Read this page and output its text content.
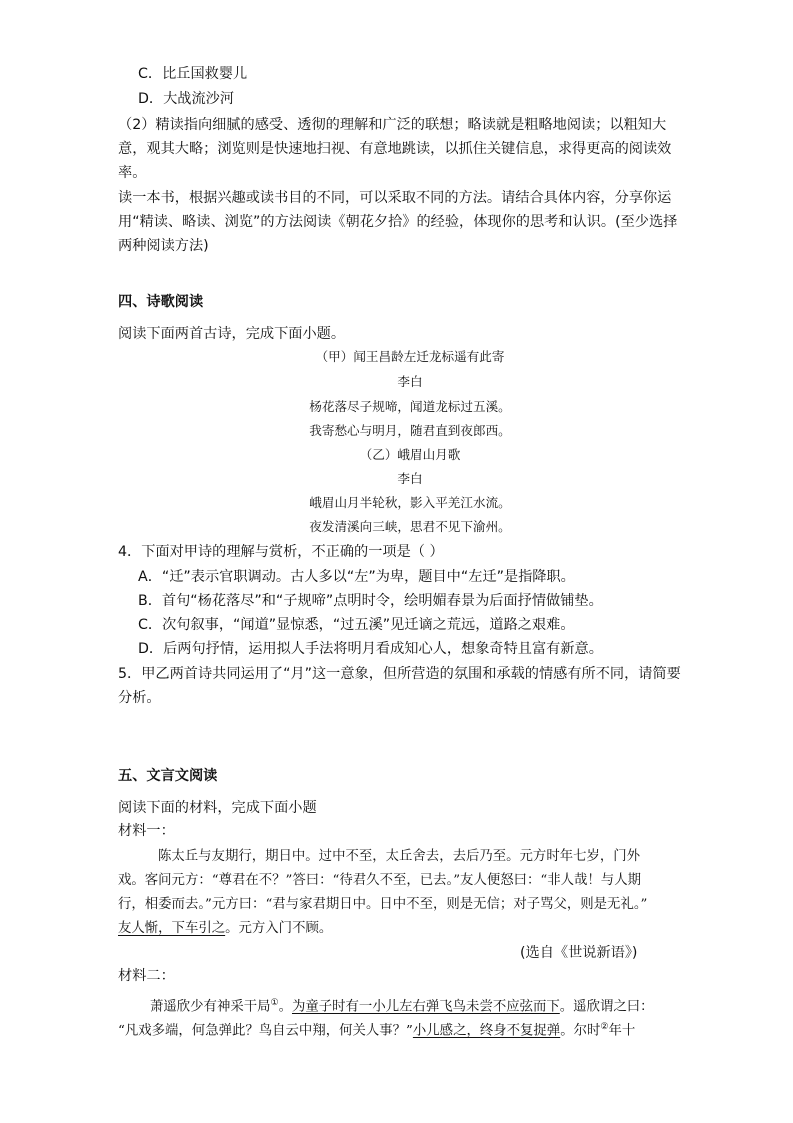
C．比丘国救婴儿
D．大战流沙河
（2）精读指向细腻的感受、透彻的理解和广泛的联想；略读就是粗略地阅读；以粗知大
意，观其大略；浏览则是快速地扫视、有意地跳读，以抓住关键信息，求得更高的阅读效
率。
读一本书，根据兴趣或读书目的不同，可以采取不同的方法。请结合具体内容，分享你运
用“精读、略读、浏览”的方法阅读《朝花夕拾》的经验，体现你的思考和认识。(至少选择
两种阅读方法)
四、诗歌阅读
阅读下面两首古诗，完成下面小题。
（甲）闻王昌龄左迁龙标遥有此寄
李白
杨花落尽子规啼，闻道龙标过五溪。
我寄愁心与明月，随君直到夜郎西。
（乙）峨眉山月歌
李白
峨眉山月半轮秋，影入平羌江水流。
夜发清溪向三峡，思君不见下渝州。
4．下面对甲诗的理解与赏析，不正确的一项是（ ）
A．“迁”表示官职调动。古人多以“左”为卑，题目中“左迁”是指降职。
B．首句“杨花落尽”和“子规啼”点明时令，绘明媚春景为后面抒情做铺垫。
C．次句叙事，“闻道”显惊悉，“过五溪”见迁谪之荒远，道路之艰难。
D．后两句抒情，运用拟人手法将明月看成知心人，想象奇特且富有新意。
5．甲乙两首诗共同运用了“月”这一意象，但所营造的氛围和承载的情感有所不同，请简要
分析。
五、文言文阅读
阅读下面的材料，完成下面小题
材料一：
陈太丘与友期行，期日中。过中不至，太丘舍去，去后乃至。元方时年七岁，门外
戏。客问元方：“尊君在不？”答曰：“待君久不至，已去。”友人便怒曰：“非人哉！与人期
行，相委而去。”元方曰：“君与家君期日中。日中不至，则是无信；对子骂父，则是无礼。”
友人惭，下车引之。元方入门不顾。
(选自《世说新语》)
材料二：
萧遥欣少有神采干局①。为童子时有一小儿左右弹飞鸟未尝不应弦而下。遥欣谓之曰：
“凡戏多端，何急弹此？鸟自云中翔，何关人事？”小儿感之，终身不复捉弹。尔时②年十
